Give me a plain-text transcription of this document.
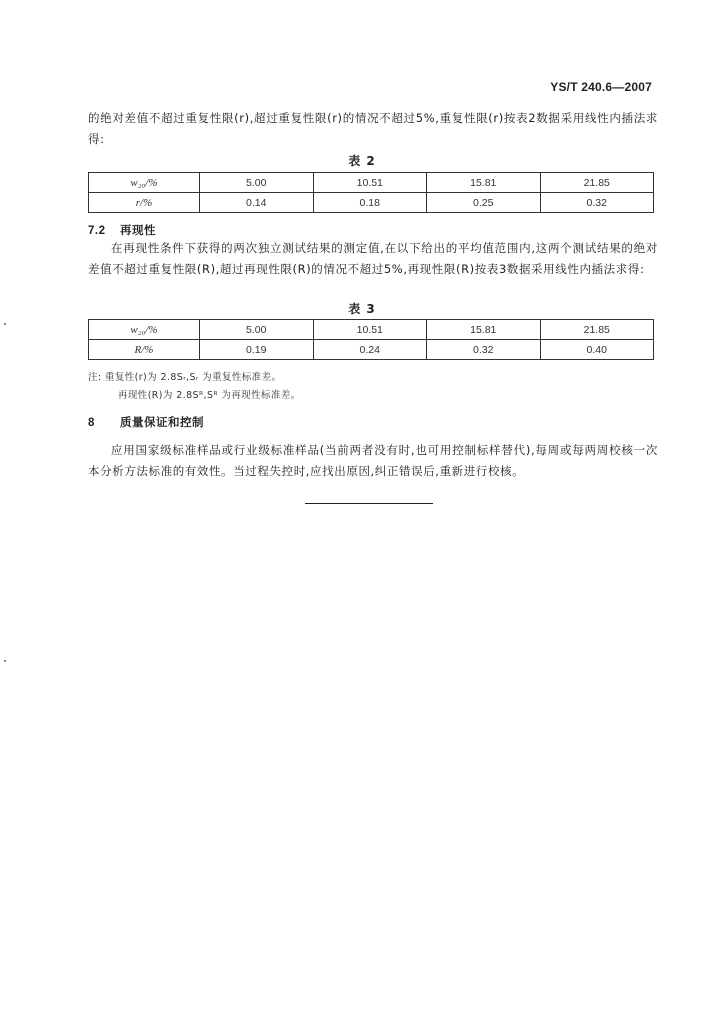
YS/T 240.6—2007

的绝对差值不超过重复性限(r),超过重复性限(r)的情况不超过5%,重复性限(r)按表2数据采用线性内插法求得:

表 2
w₂₀/%	5.00	10.51	15.81	21.85
r/%	0.14	0.18	0.25	0.32
7.2 再现性

在再现性条件下获得的两次独立测试结果的测定值,在以下给出的平均值范围内,这两个测试结果的绝对差值不超过重复性限(R),超过再现性限(R)的情况不超过5%,再现性限(R)按表3数据采用线性内插法求得:

表 3
w₂₀/%	5.00	10.51	15.81	21.85
R/%	0.19	0.24	0.32	0.40
注: 重复性(r)为 2.8Sᵣ,Sᵣ 为重复性标准差。
再现性(R)为 2.8Sᴿ,Sᴿ 为再现性标准差。
8 质量保证和控制

应用国家级标准样品或行业级标准样品(当前两者没有时,也可用控制标样替代),每周或每两周校核一次本分析方法标准的有效性。当过程失控时,应找出原因,纠正错误后,重新进行校核。
